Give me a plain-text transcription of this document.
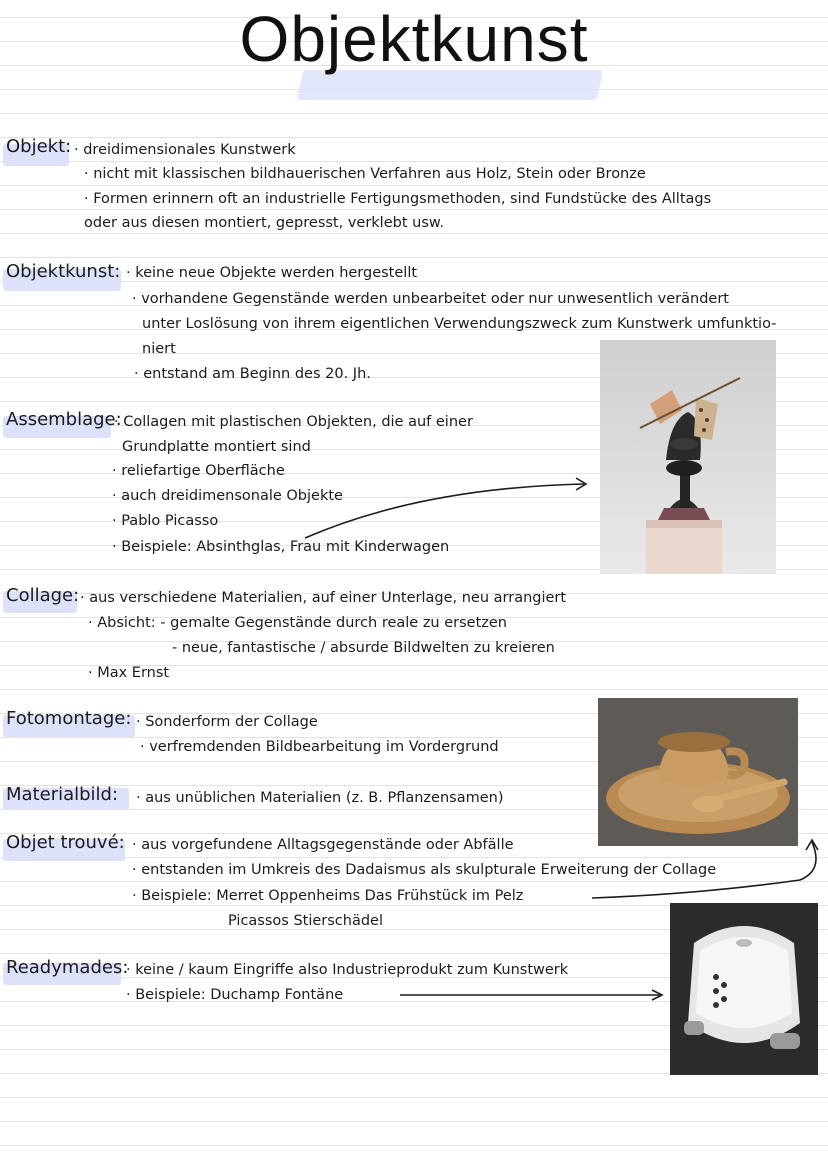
Objektkunst
Objekt: · dreidimensionales Kunstwerk
· nicht mit klassischen bildhauerischen Verfahren aus Holz, Stein oder Bronze
· Formen erinnern oft an industrielle Fertigungsmethoden, sind Fundstücke des Alltags
oder aus diesen montiert, gepresst, verklebt usw.
Objektkunst: · keine neue Objekte werden hergestellt
· vorhandene Gegenstände werden unbearbeitet oder nur unwesentlich verändert
unter Loslösung von ihrem eigentlichen Verwendungszweck zum Kunstwerk umfunktio-
niert
· entstand am Beginn des 20. Jh.
Assemblage:
· Collagen mit plastischen Objekten, die auf einer
Grundplatte montiert sind
· reliefartige Oberfläche
· auch dreidimensonale Objekte
· Pablo Picasso
· Beispiele: Absinthglas, Frau mit Kinderwagen
Collage: · aus verschiedene Materialien, auf einer Unterlage, neu arrangiert
· Absicht: - gemalte Gegenstände durch reale zu ersetzen
- neue, fantastische / absurde Bildwelten zu kreieren
· Max Ernst
Fotomontage: · Sonderform der Collage
· verfremdenden Bildbearbeitung im Vordergrund
Materialbild: · aus unüblichen Materialien (z. B. Pflanzensamen)
Objet trouvé: · aus vorgefundene Alltagsgegenstände oder Abfälle
· entstanden im Umkreis des Dadaismus als skulpturale Erweiterung der Collage
· Beispiele: Merret Oppenheims Das Frühstück im Pelz
Picassos Stierschädel
Readymades:
· keine / kaum Eingriffe also Industrieprodukt zum Kunstwerk
· Beispiele: Duchamp Fontäne
